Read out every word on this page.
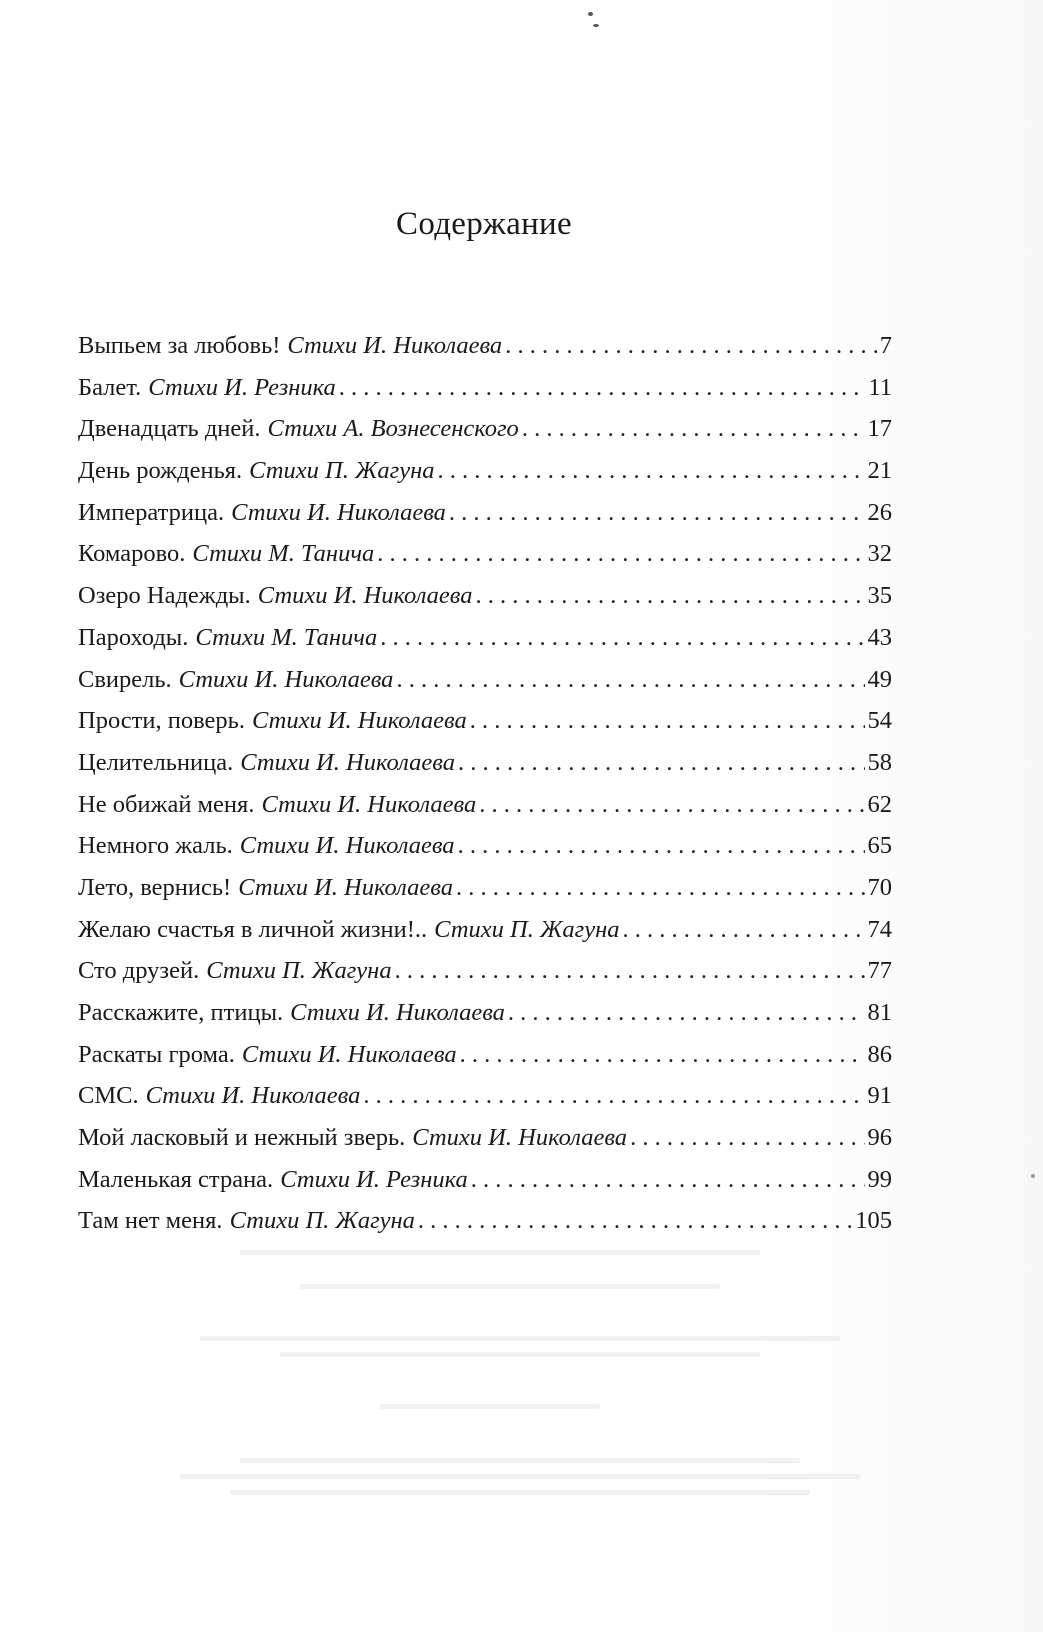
Содержание
Выпьем за любовь! Стихи И. Николаева . . .	7
Балет. Стихи И. Резника . . .	11
Двенадцать дней. Стихи А. Вознесенского . . .	17
День рожденья. Стихи П. Жагуна . . .	21
Императрица. Стихи И. Николаева . . .	26
Комарово. Стихи М. Танича . . .	32
Озеро Надежды. Стихи И. Николаева . . .	35
Пароходы. Стихи М. Танича . . .	43
Свирель. Стихи И. Николаева . . .	49
Прости, поверь. Стихи И. Николаева . . .	54
Целительница. Стихи И. Николаева . . .	58
Не обижай меня. Стихи И. Николаева . . .	62
Немного жаль. Стихи И. Николаева . . .	65
Лето, вернись! Стихи И. Николаева . . .	70
Желаю счастья в личной жизни!.. Стихи П. Жагуна . . .	74
Сто друзей. Стихи П. Жагуна . . .	77
Расскажите, птицы. Стихи И. Николаева . . .	81
Раскаты грома. Стихи И. Николаева . . .	86
СМС. Стихи И. Николаева . . .	91
Мой ласковый и нежный зверь. Стихи И. Николаева . . .	96
Маленькая страна. Стихи И. Резника . . .	99
Там нет меня. Стихи П. Жагуна . . .	105
